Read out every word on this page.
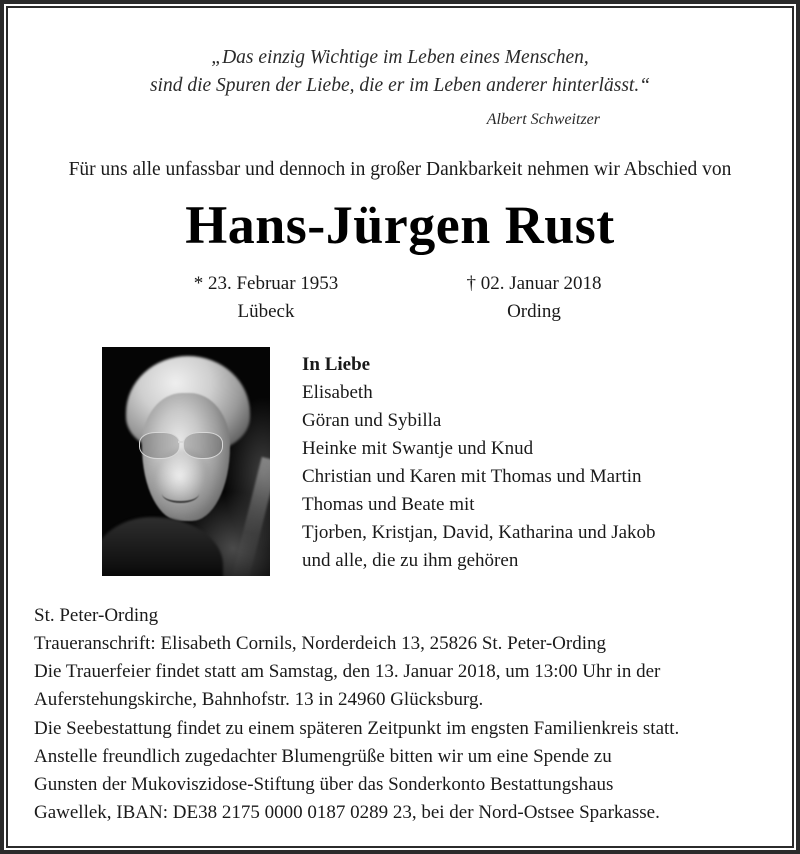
„Das einzig Wichtige im Leben eines Menschen,
sind die Spuren der Liebe, die er im Leben anderer hinterlässt.“
Albert Schweitzer
Für uns alle unfassbar und dennoch in großer Dankbarkeit nehmen wir Abschied von
Hans-Jürgen Rust
* 23. Februar 1953
Lübeck
† 02. Januar 2018
Ording
In Liebe
Elisabeth
Göran und Sybilla
Heinke mit Swantje und Knud
Christian und Karen mit Thomas und Martin
Thomas und Beate mit
Tjorben, Kristjan, David, Katharina und Jakob
und alle, die zu ihm gehören
St. Peter-Ording
Traueranschrift: Elisabeth Cornils, Norderdeich 13, 25826 St. Peter-Ording
Die Trauerfeier findet statt am Samstag, den 13. Januar 2018, um 13:00 Uhr in der
Auferstehungskirche, Bahnhofstr. 13 in 24960 Glücksburg.
Die Seebestattung findet zu einem späteren Zeitpunkt im engsten Familienkreis statt.
Anstelle freundlich zugedachter Blumengrüße bitten wir um eine Spende zu
Gunsten der Mukoviszidose-Stiftung über das Sonderkonto Bestattungshaus
Gawellek, IBAN: DE38 2175 0000 0187 0289 23, bei der Nord-Ostsee Sparkasse.
